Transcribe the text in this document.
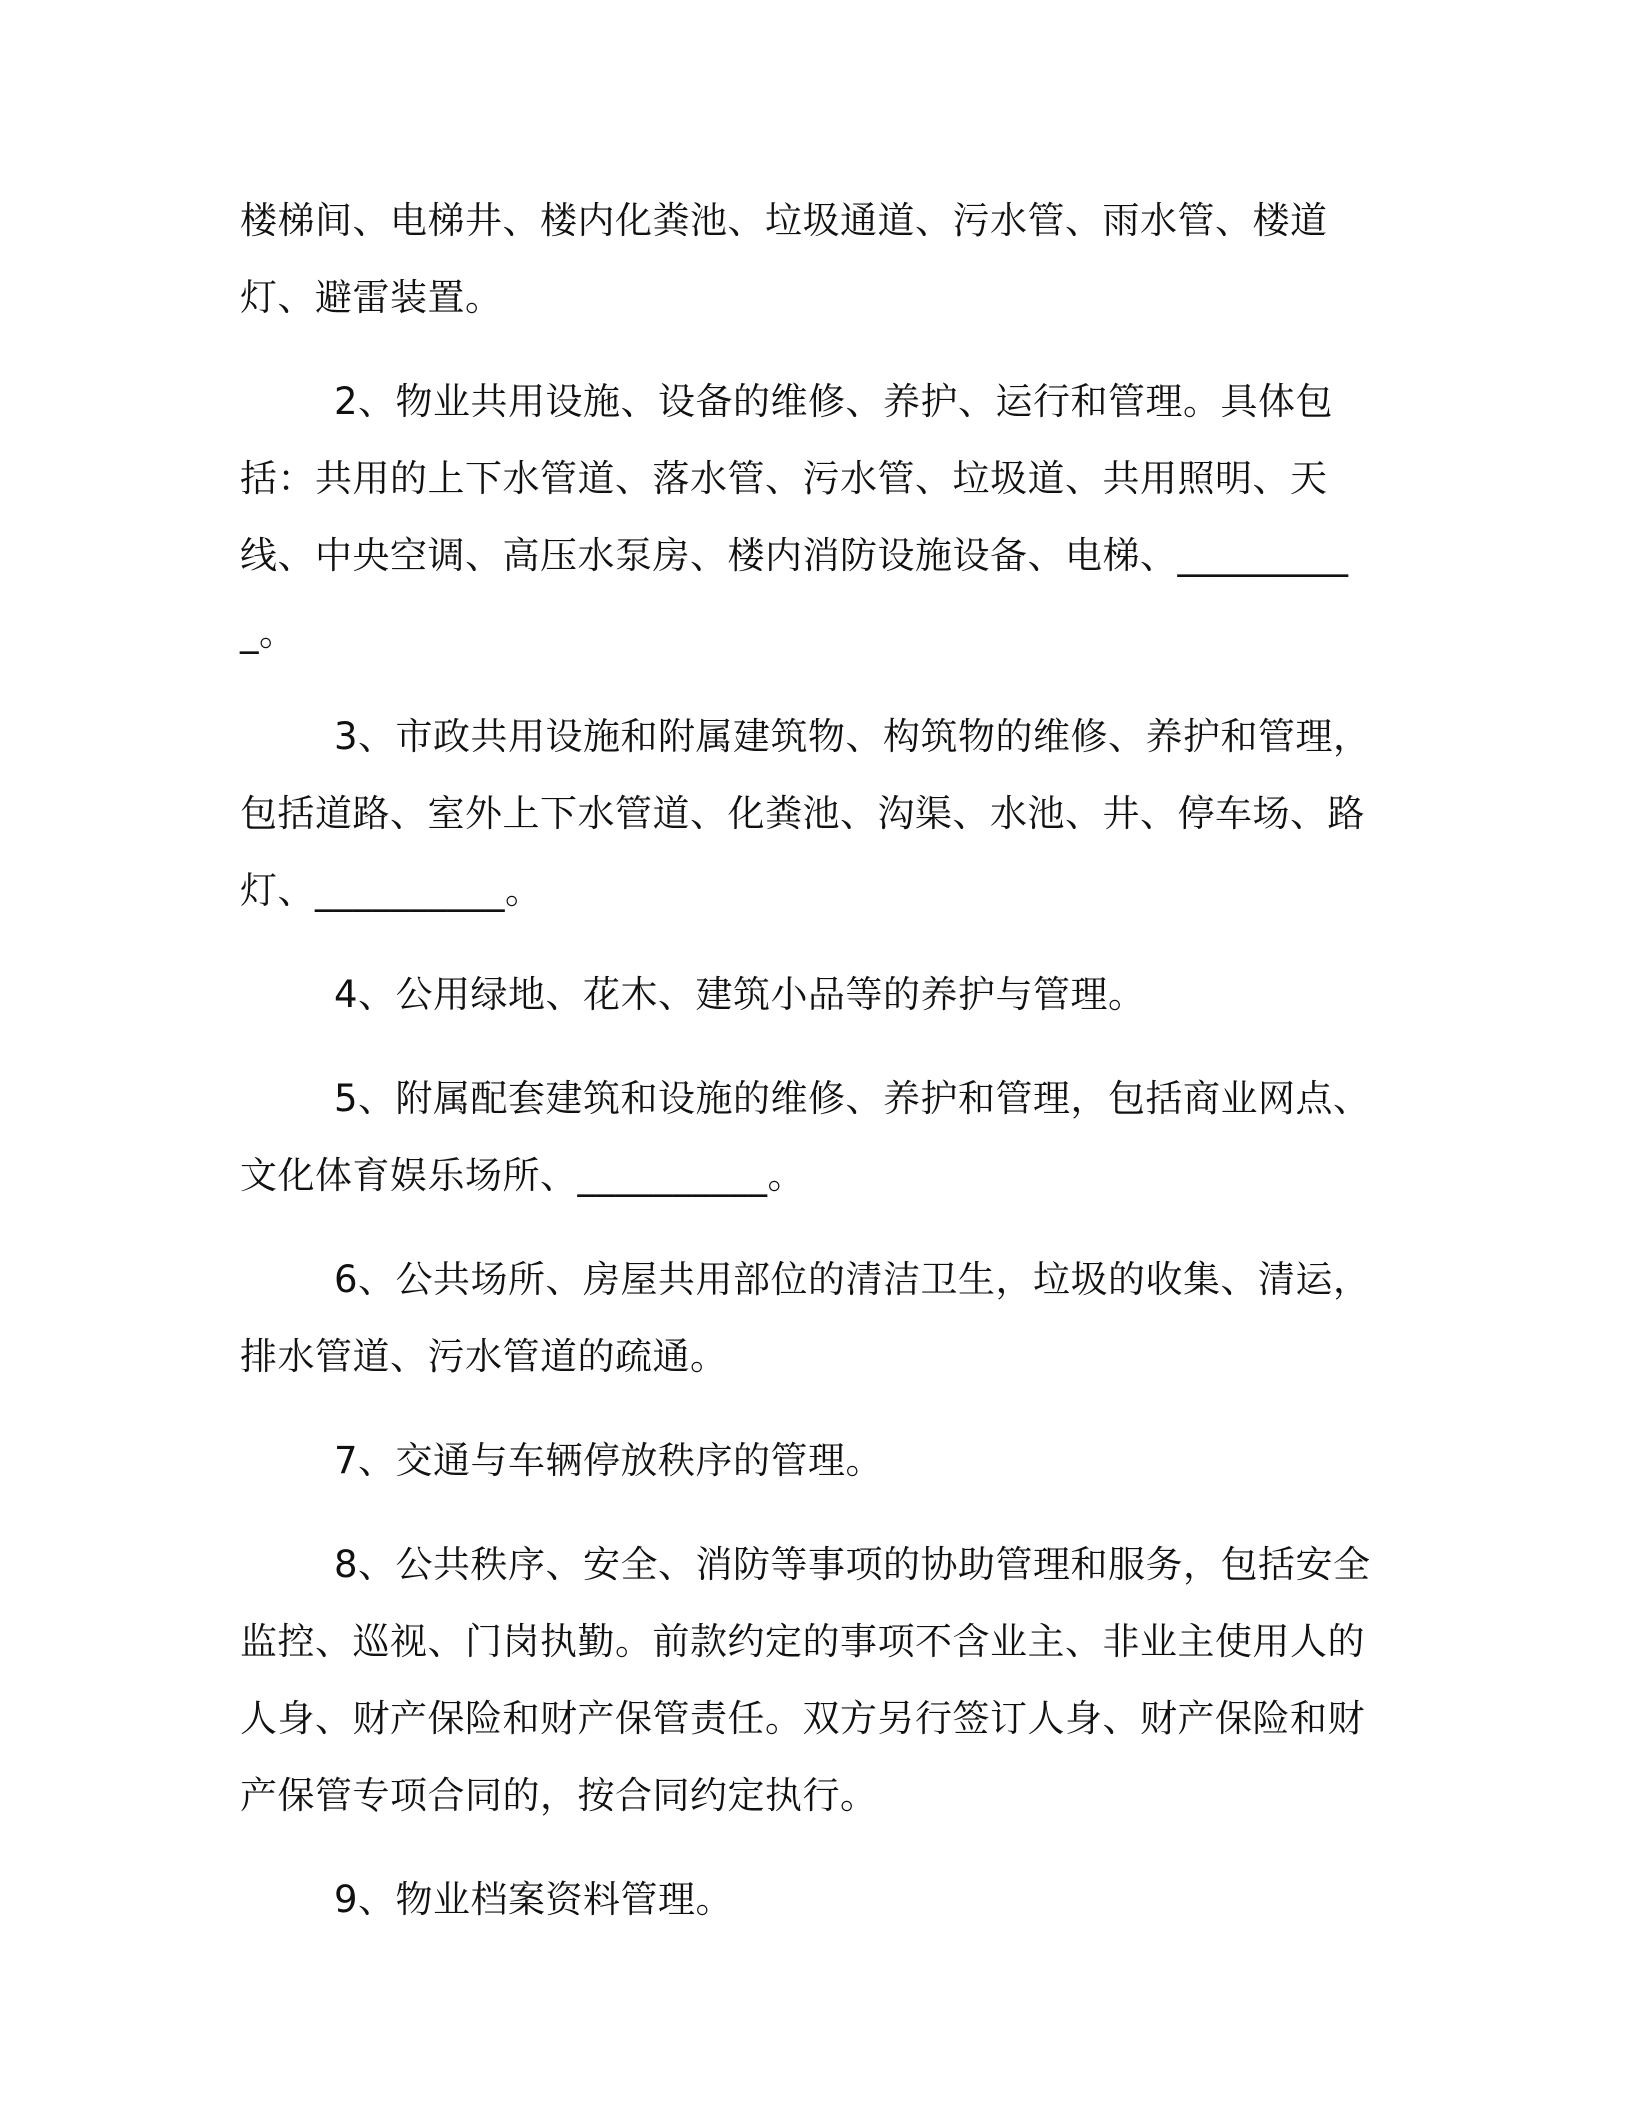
楼梯间、电梯井、楼内化粪池、垃圾通道、污水管、雨水管、楼道灯、避雷装置。

2、物业共用设施、设备的维修、养护、运行和管理。具体包括：共用的上下水管道、落水管、污水管、垃圾道、共用照明、天线、中央空调、高压水泵房、楼内消防设施设备、电梯、__________。

3、市政共用设施和附属建筑物、构筑物的维修、养护和管理，包括道路、室外上下水管道、化粪池、沟渠、水池、井、停车场、路灯、__________。

4、公用绿地、花木、建筑小品等的养护与管理。

5、附属配套建筑和设施的维修、养护和管理，包括商业网点、文化体育娱乐场所、__________。

6、公共场所、房屋共用部位的清洁卫生，垃圾的收集、清运，排水管道、污水管道的疏通。

7、交通与车辆停放秩序的管理。

8、公共秩序、安全、消防等事项的协助管理和服务，包括安全监控、巡视、门岗执勤。前款约定的事项不含业主、非业主使用人的人身、财产保险和财产保管责任。双方另行签订人身、财产保险和财产保管专项合同的，按合同约定执行。

9、物业档案资料管理。
